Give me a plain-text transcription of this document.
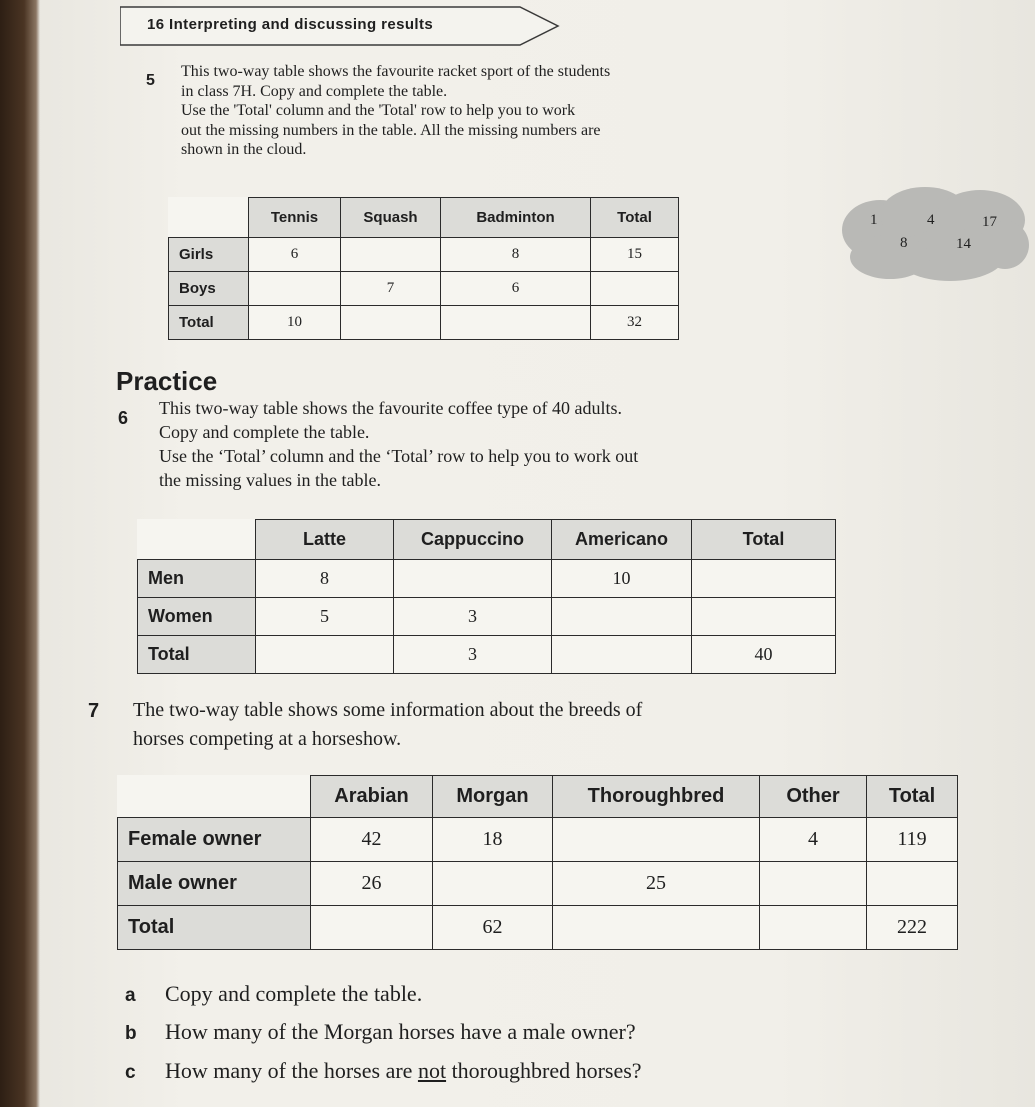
16 Interpreting and discussing results
5

This two-way table shows the favourite racket sport of the students

in class 7H. Copy and complete the table.

Use the 'Total' column and the 'Total' row to help you to work

out the missing numbers in the table. All the missing numbers are

shown in the cloud.

	Tennis	Squash	Badminton	Total
Girls	6		8	15
Boys		7	6	
Total	10			32
1	4	17
8	14
Practice
6 This two-way table shows the favourite coffee type of 40 adults.

Copy and complete the table.

Use the ‘Total’ column and the ‘Total’ row to help you to work out

the missing values in the table.

	Latte	Cappuccino	Americano	Total
Men	8		10	
Women	5	3		
Total		3		40
7 The two-way table shows some information about the breeds of

horses competing at a horseshow.

	Arabian	Morgan	Thoroughbred	Other	Total
Female owner	42	18		4	119
Male owner	26		25		
Total		62			222
a Copy and complete the table.
b How many of the Morgan horses have a male owner?
c How many of the horses are not thoroughbred horses?
